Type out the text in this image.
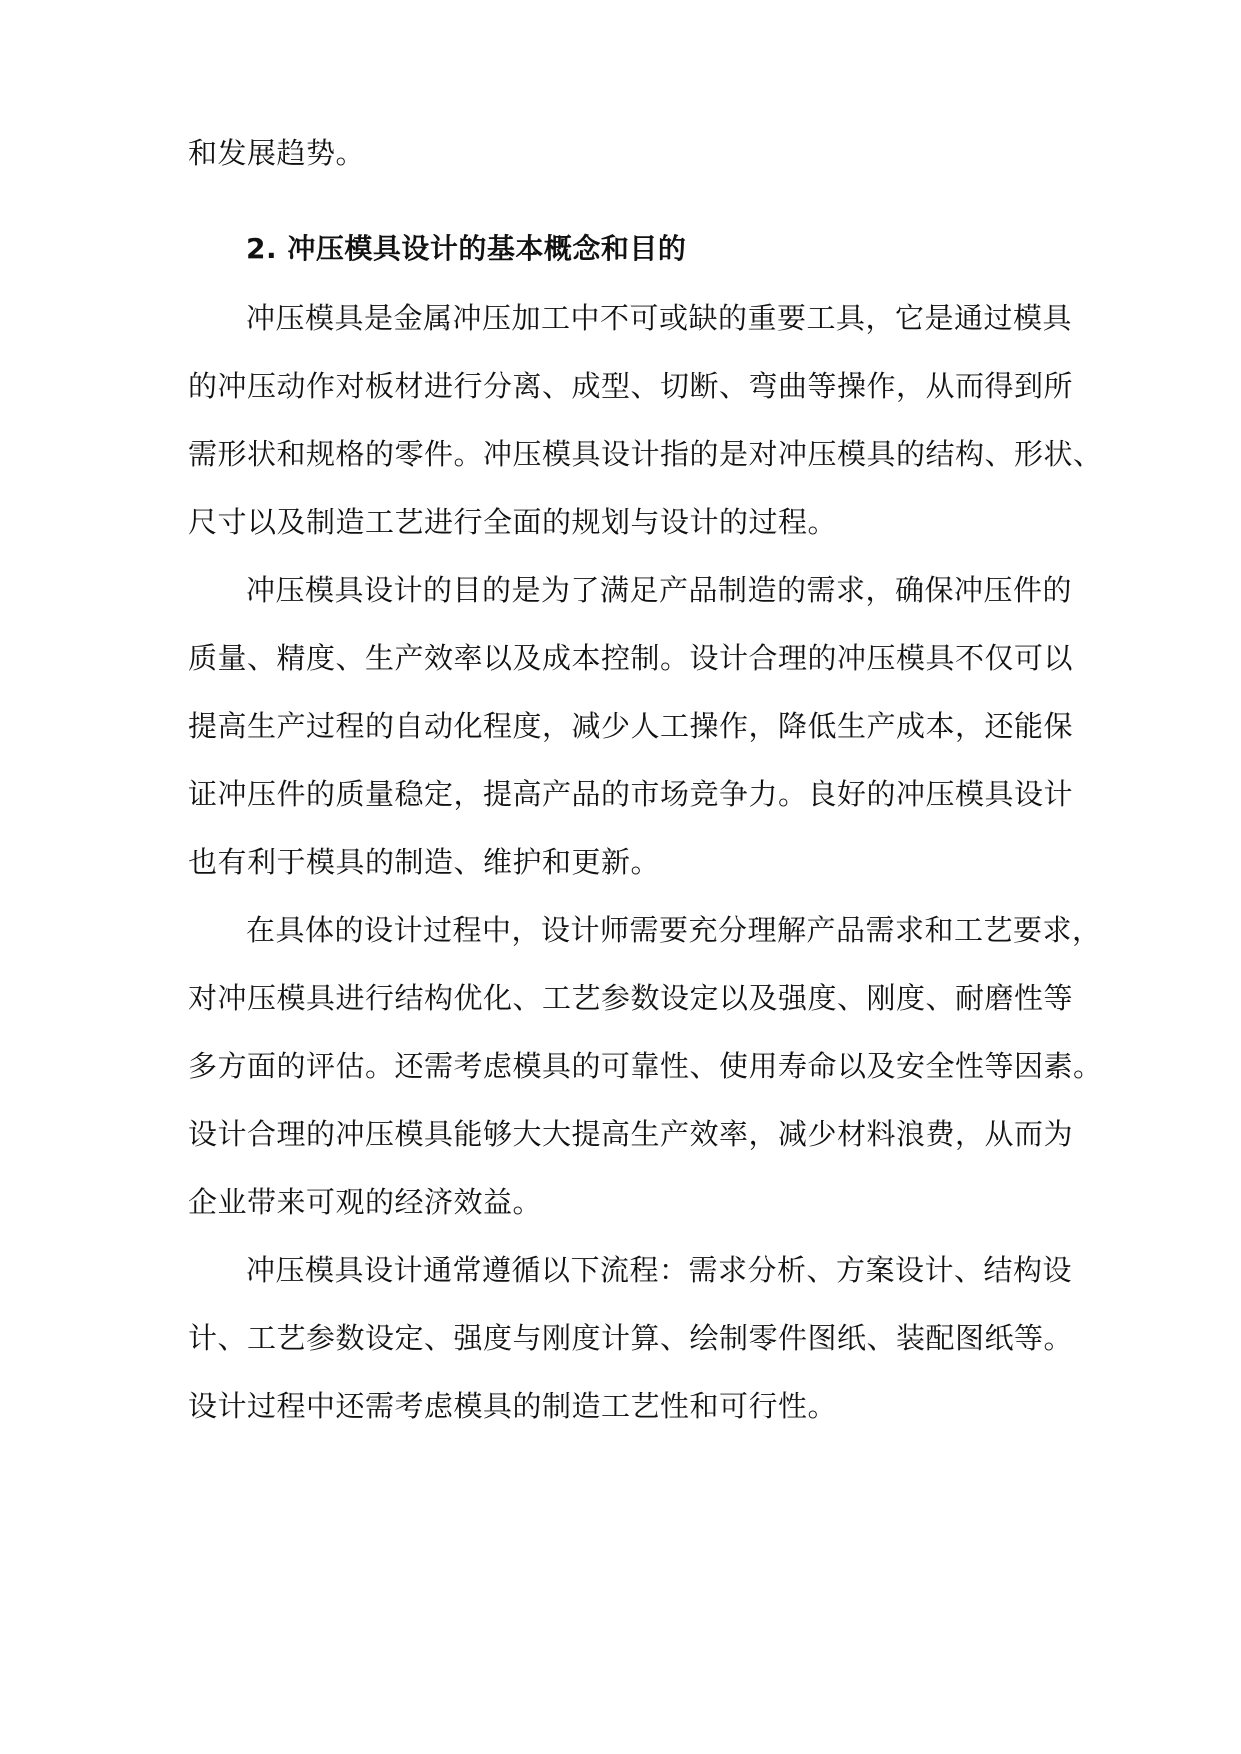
和发展趋势。
2. 冲压模具设计的基本概念和目的
冲压模具是金属冲压加工中不可或缺的重要工具，它是通过模具
的冲压动作对板材进行分离、成型、切断、弯曲等操作，从而得到所
需形状和规格的零件。冲压模具设计指的是对冲压模具的结构、形状、
尺寸以及制造工艺进行全面的规划与设计的过程。
冲压模具设计的目的是为了满足产品制造的需求，确保冲压件的
质量、精度、生产效率以及成本控制。设计合理的冲压模具不仅可以
提高生产过程的自动化程度，减少人工操作，降低生产成本，还能保
证冲压件的质量稳定，提高产品的市场竞争力。良好的冲压模具设计
也有利于模具的制造、维护和更新。
在具体的设计过程中，设计师需要充分理解产品需求和工艺要求，
对冲压模具进行结构优化、工艺参数设定以及强度、刚度、耐磨性等
多方面的评估。还需考虑模具的可靠性、使用寿命以及安全性等因素。
设计合理的冲压模具能够大大提高生产效率，减少材料浪费，从而为
企业带来可观的经济效益。
冲压模具设计通常遵循以下流程：需求分析、方案设计、结构设
计、工艺参数设定、强度与刚度计算、绘制零件图纸、装配图纸等。
设计过程中还需考虑模具的制造工艺性和可行性。
